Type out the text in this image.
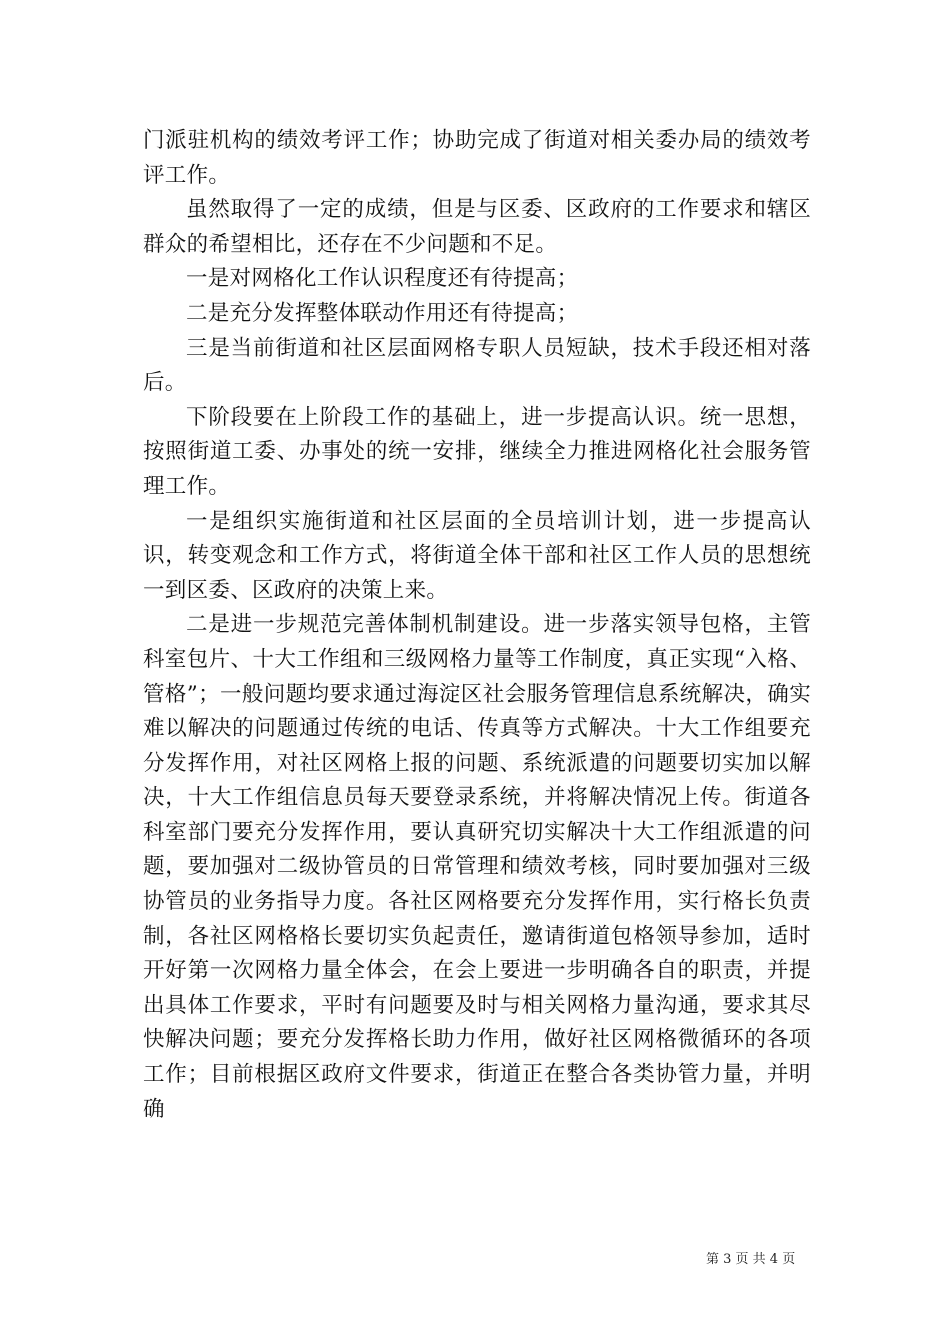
门派驻机构的绩效考评工作；协助完成了街道对相关委办局的绩效考评工作。

虽然取得了一定的成绩，但是与区委、区政府的工作要求和辖区群众的希望相比，还存在不少问题和不足。

一是对网格化工作认识程度还有待提高；

二是充分发挥整体联动作用还有待提高；

三是当前街道和社区层面网格专职人员短缺，技术手段还相对落后。

下阶段要在上阶段工作的基础上，进一步提高认识。统一思想，按照街道工委、办事处的统一安排，继续全力推进网格化社会服务管理工作。

一是组织实施街道和社区层面的全员培训计划，进一步提高认识，转变观念和工作方式，将街道全体干部和社区工作人员的思想统一到区委、区政府的决策上来。

二是进一步规范完善体制机制建设。进一步落实领导包格，主管科室包片、十大工作组和三级网格力量等工作制度，真正实现“入格、管格”；一般问题均要求通过海淀区社会服务管理信息系统解决，确实难以解决的问题通过传统的电话、传真等方式解决。十大工作组要充分发挥作用，对社区网格上报的问题、系统派遣的问题要切实加以解决，十大工作组信息员每天要登录系统，并将解决情况上传。街道各科室部门要充分发挥作用，要认真研究切实解决十大工作组派遣的问题，要加强对二级协管员的日常管理和绩效考核，同时要加强对三级协管员的业务指导力度。各社区网格要充分发挥作用，实行格长负责制，各社区网格格长要切实负起责任，邀请街道包格领导参加，适时开好第一次网格力量全体会，在会上要进一步明确各自的职责，并提出具体工作要求，平时有问题要及时与相关网格力量沟通，要求其尽快解决问题；要充分发挥格长助力作用，做好社区网格微循环的各项工作；目前根据区政府文件要求，街道正在整合各类协管力量，并明确

第 3 页 共 4 页
